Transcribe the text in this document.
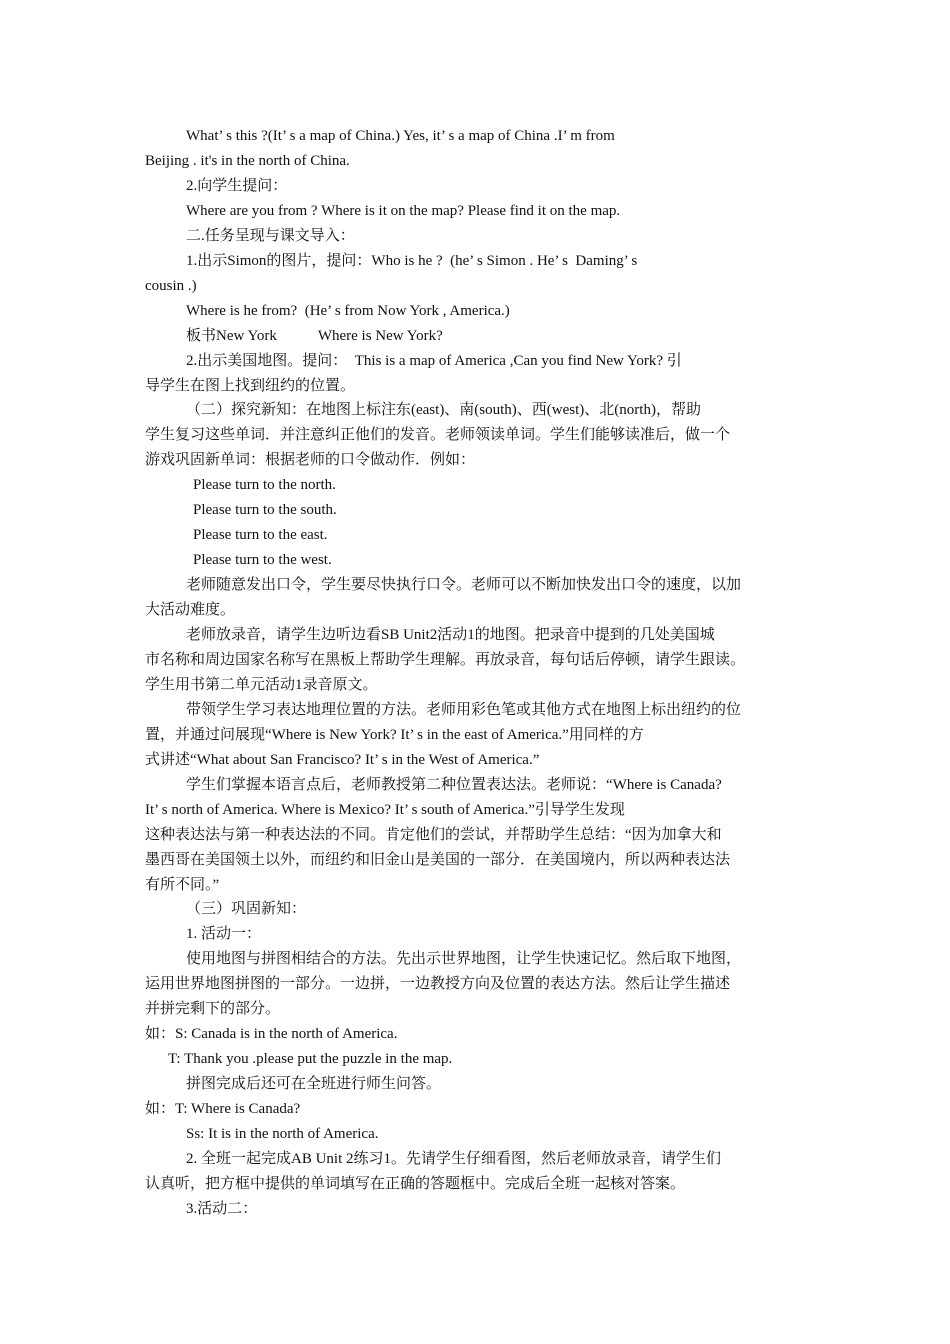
What’ s this ?(It’ s a map of China.) Yes, it’ s a map of China .I’ m from
Beijing . it's in the north of China.
2.向学生提问：
Where are you from ? Where is it on the map? Please find it on the map.
二.任务呈现与课文导入：
1.出示Simon的图片，提问：Who is he ?  (he’ s Simon . He’ s  Daming’ s
cousin .)
Where is he from?  (He’ s from Now York , America.)
板书New York           Where is New York?
2.出示美国地图。提问：  This is a map of America ,Can you find New York? 引
导学生在图上找到纽约的位置。
（二）探究新知：在地图上标注东(east)、南(south)、西(west)、北(north)，帮助
学生复习这些单词．并注意纠正他们的发音。老师领读单词。学生们能够读准后，做一个
游戏巩固新单词：根据老师的口令做动作．例如：
Please turn to the north.
Please turn to the south.
Please turn to the east.
Please turn to the west.
老师随意发出口令，学生要尽快执行口令。老师可以不断加快发出口令的速度，以加
大活动难度。
老师放录音，请学生边听边看SB Unit2活动1的地图。把录音中提到的几处美国城
市名称和周边国家名称写在黑板上帮助学生理解。再放录音，每句话后停顿，请学生跟读。
学生用书第二单元活动1录音原文。
带领学生学习表达地理位置的方法。老师用彩色笔或其他方式在地图上标出纽约的位
置，并通过问展现“Where is New York? It’ s in the east of America.”用同样的方
式讲述“What about San Francisco? It’ s in the West of America.”
学生们掌握本语言点后，老师教授第二种位置表达法。老师说：“Where is Canada?
It’ s north of America. Where is Mexico? It’ s south of America.”引导学生发现
这种表达法与第一种表达法的不同。肯定他们的尝试，并帮助学生总结：“因为加拿大和
墨西哥在美国领土以外，而纽约和旧金山是美国的一部分．在美国境内，所以两种表达法
有所不同。”
（三）巩固新知：
1. 活动一：
使用地图与拼图相结合的方法。先出示世界地图，让学生快速记忆。然后取下地图，
运用世界地图拼图的一部分。一边拼，一边教授方向及位置的表达方法。然后让学生描述
并拼完剩下的部分。
如：S: Canada is in the north of America.
T: Thank you .please put the puzzle in the map.
拼图完成后还可在全班进行师生问答。
如：T: Where is Canada?
Ss: It is in the north of America.
2. 全班一起完成AB Unit 2练习1。先请学生仔细看图，然后老师放录音，请学生们
认真听，把方框中提供的单词填写在正确的答题框中。完成后全班一起核对答案。
3.活动二：
